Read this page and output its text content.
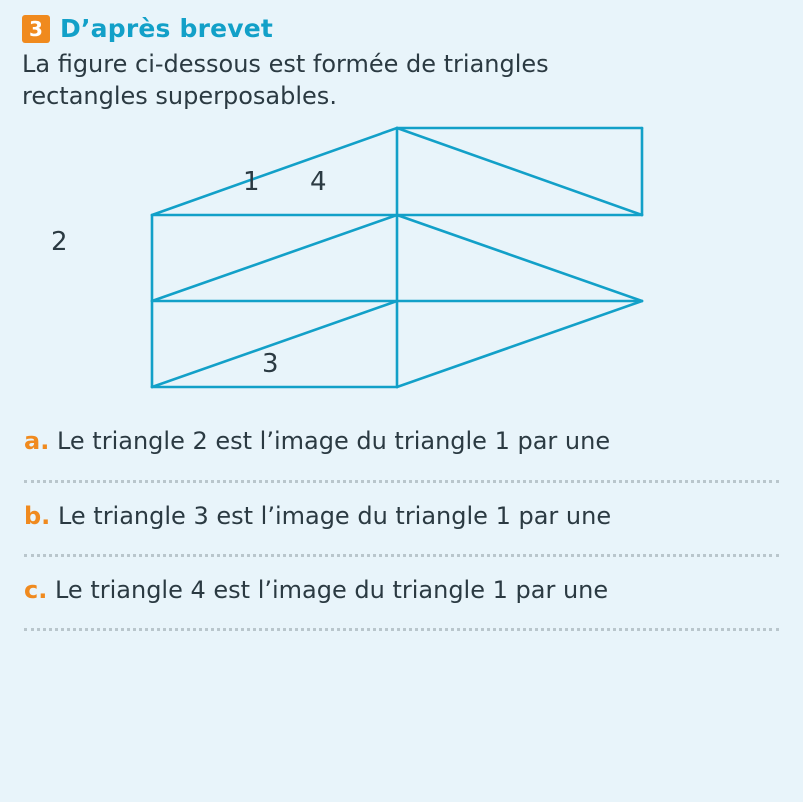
3 D’après brevet
La figure ci-dessous est formée de triangles
rectangles superposables.
1 4
2
3
a. Le triangle 2 est l’image du triangle 1 par une
b. Le triangle 3 est l’image du triangle 1 par une
c. Le triangle 4 est l’image du triangle 1 par une
